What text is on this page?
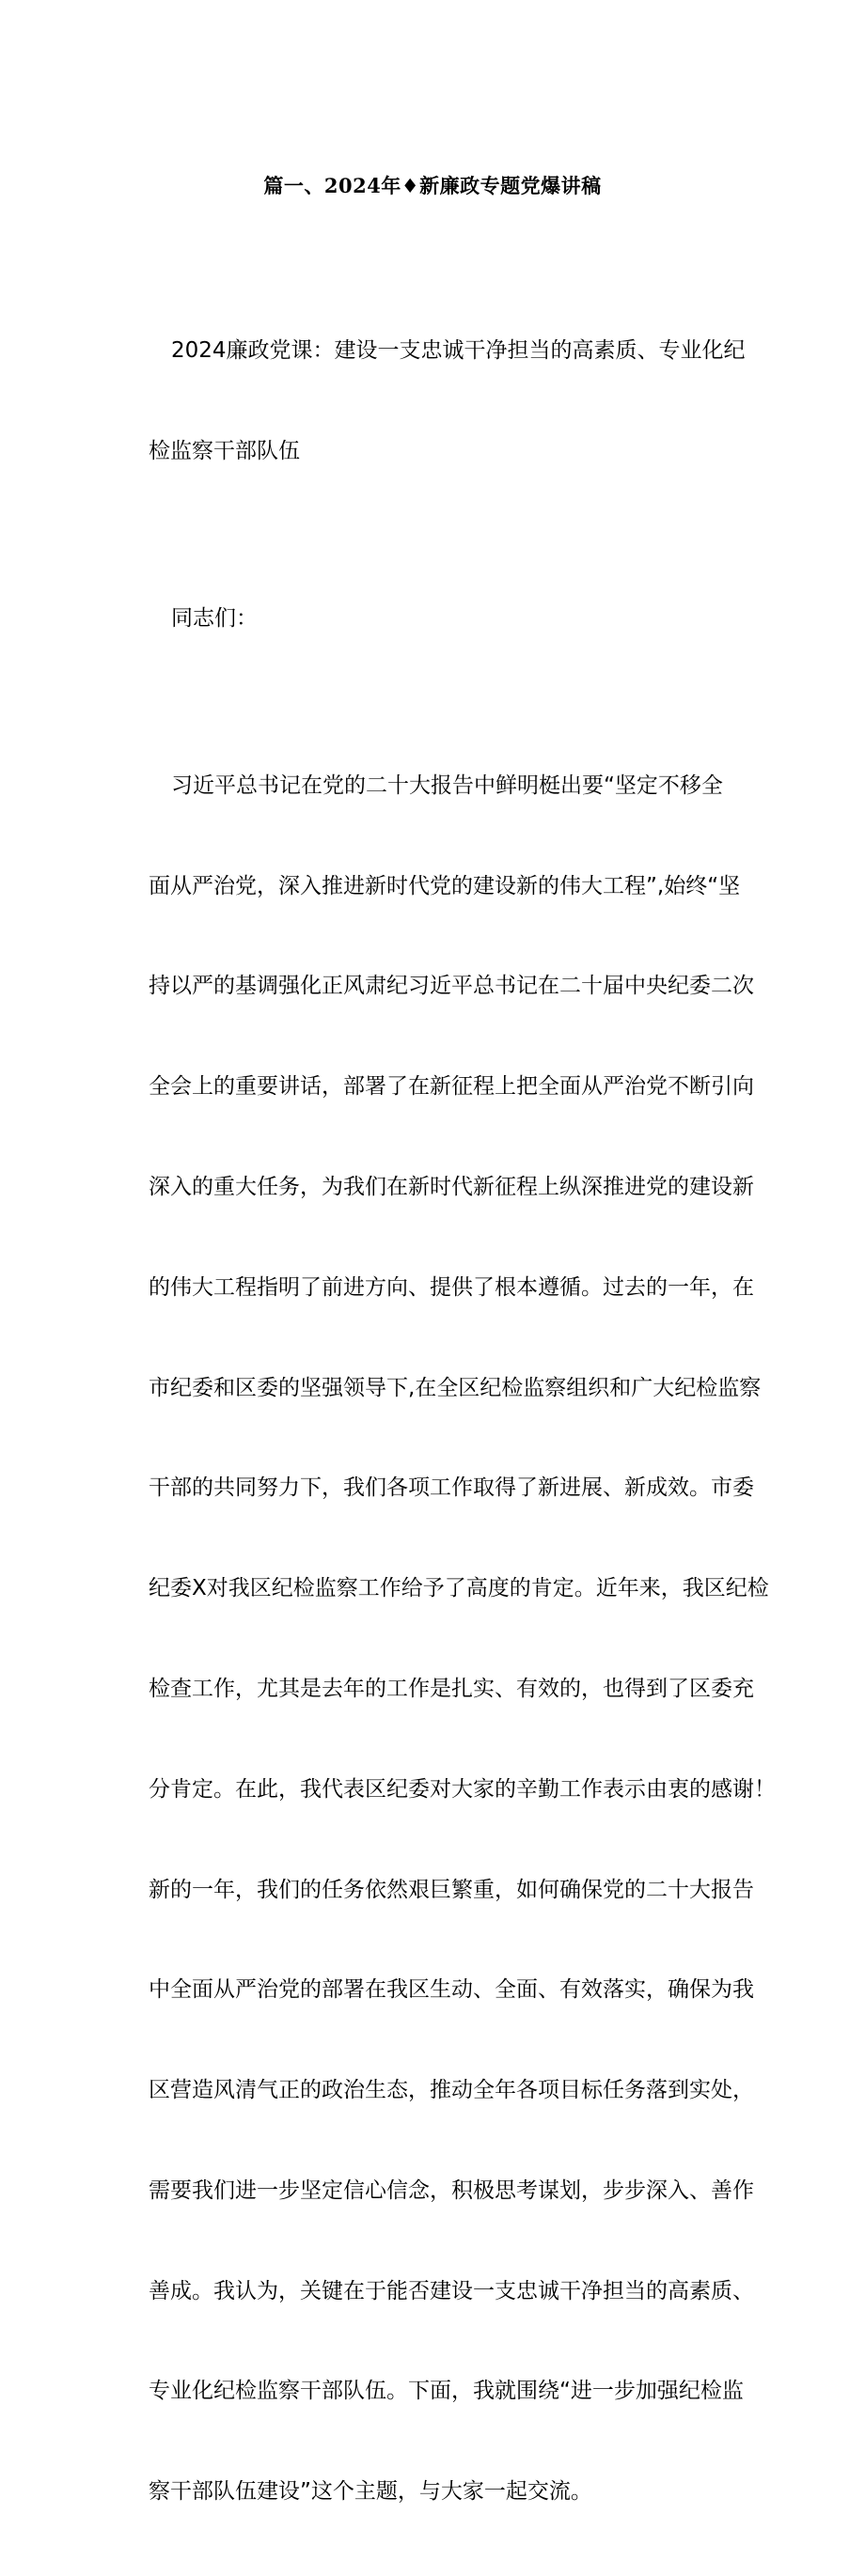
篇一、2024年♦新廉政专题党爆讲稿

2024廉政党课：建设一支忠诚干净担当的高素质、专业化纪

检监察干部队伍

同志们：

习近平总书记在党的二十大报告中鲜明梃出要“坚定不移全

面从严治党，深入推进新时代党的建设新的伟大工程”,始终“坚

持以严的基调强化正风肃纪习近平总书记在二十届中央纪委二次

全会上的重要讲话，部署了在新征程上把全面从严治党不断引向

深入的重大任务，为我们在新时代新征程上纵深推进党的建设新

的伟大工程指明了前进方向、提供了根本遵循。过去的一年，在

市纪委和区委的坚强领导下,在全区纪检监察组织和广大纪检监察

干部的共同努力下，我们各项工作取得了新进展、新成效。市委

纪委X对我区纪检监察工作给予了高度的肯定。近年来，我区纪检

检查工作，尤其是去年的工作是扎实、有效的，也得到了区委充

分肯定。在此，我代表区纪委对大家的辛勤工作表示由衷的感谢！

新的一年，我们的任务依然艰巨繁重，如何确保党的二十大报告

中全面从严治党的部署在我区生动、全面、有效落实，确保为我

区营造风清气正的政治生态，推动全年各项目标任务落到实处，

需要我们进一步坚定信心信念，积极思考谋划，步步深入、善作

善成。我认为，关键在于能否建设一支忠诚干净担当的高素质、

专业化纪检监察干部队伍。下面，我就围绕“进一步加强纪检监

察干部队伍建设”这个主题，与大家一起交流。
